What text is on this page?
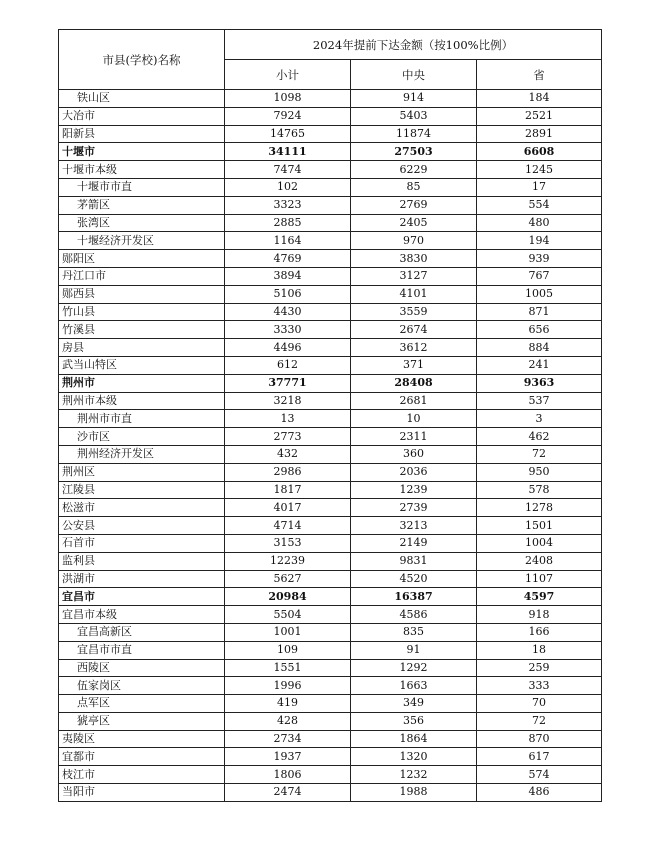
市县(学校)名称	2024年提前下达金额（按100%比例）		
	小计	中央	省
铁山区	1098	914	184
大冶市	7924	5403	2521
阳新县	14765	11874	2891
十堰市	34111	27503	6608
十堰市本级	7474	6229	1245
十堰市市直	102	85	17
茅箭区	3323	2769	554
张湾区	2885	2405	480
十堰经济开发区	1164	970	194
郧阳区	4769	3830	939
丹江口市	3894	3127	767
郧西县	5106	4101	1005
竹山县	4430	3559	871
竹溪县	3330	2674	656
房县	4496	3612	884
武当山特区	612	371	241
荆州市	37771	28408	9363
荆州市本级	3218	2681	537
荆州市市直	13	10	3
沙市区	2773	2311	462
荆州经济开发区	432	360	72
荆州区	2986	2036	950
江陵县	1817	1239	578
松滋市	4017	2739	1278
公安县	4714	3213	1501
石首市	3153	2149	1004
监利县	12239	9831	2408
洪湖市	5627	4520	1107
宜昌市	20984	16387	4597
宜昌市本级	5504	4586	918
宜昌高新区	1001	835	166
宜昌市市直	109	91	18
西陵区	1551	1292	259
伍家岗区	1996	1663	333
点军区	419	349	70
猇亭区	428	356	72
夷陵区	2734	1864	870
宜都市	1937	1320	617
枝江市	1806	1232	574
当阳市	2474	1988	486
